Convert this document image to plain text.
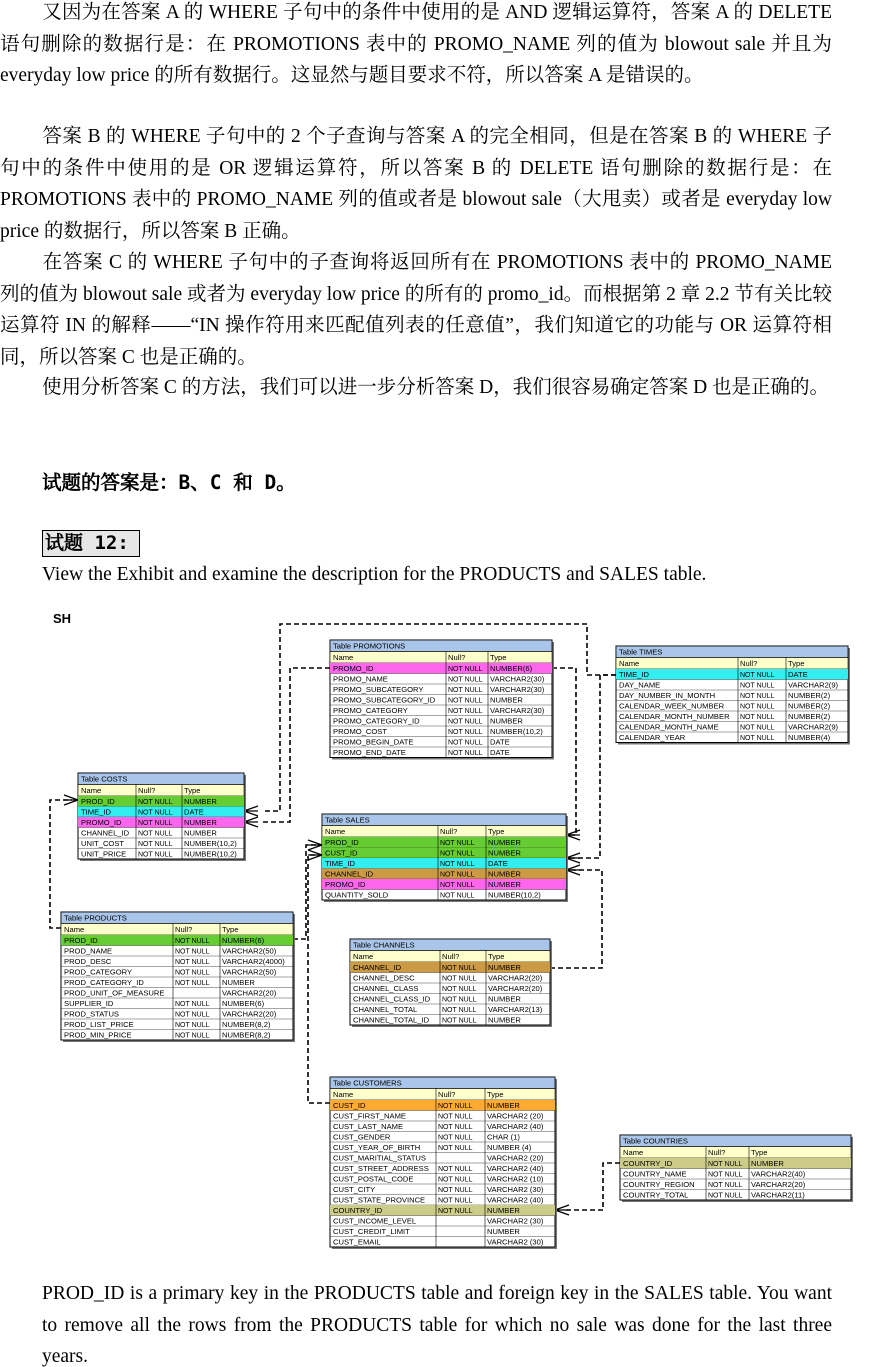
又因为在答案 A 的 WHERE 子句中的条件中使用的是 AND 逻辑运算符，答案 A 的 DELETE 语句删除的数据行是：在 PROMOTIONS 表中的 PROMO_NAME 列的值为 blowout sale 并且为 everyday low price 的所有数据行。这显然与题目要求不符，所以答案 A 是错误的。
答案 B 的 WHERE 子句中的 2 个子查询与答案 A 的完全相同，但是在答案 B 的 WHERE 子句中的条件中使用的是 OR 逻辑运算符，所以答案 B 的 DELETE 语句删除的数据行是：在 PROMOTIONS 表中的 PROMO_NAME 列的值或者是 blowout sale（大甩卖）或者是 everyday low price 的数据行，所以答案 B 正确。
在答案 C 的 WHERE 子句中的子查询将返回所有在 PROMOTIONS 表中的 PROMO_NAME 列的值为 blowout sale 或者为 everyday low price 的所有的 promo_id。而根据第 2 章 2.2 节有关比较运算符 IN 的解释——“IN 操作符用来匹配值列表的任意值”，我们知道它的功能与 OR 运算符相同，所以答案 C 也是正确的。
使用分析答案 C 的方法，我们可以进一步分析答案 D，我们很容易确定答案 D 也是正确的。
试题的答案是：B、C 和 D。
试题 12:
View the Exhibit and examine the description for the PRODUCTS and SALES table.
SH
Table PROMOTIONS
Name	Null?	Type
PROMO_ID	NOT NULL NUMBER(6)
PROMO_NAME	NOT NULL VARCHAR2(30)
PROMO_SUBCATEGORY	NOT NULL VARCHAR2(30)
PROMO_SUBCATEGORY_ID NOT NULL NUMBER
PROMO_CATEGORY	NOT NULL VARCHAR2(30)
PROMO_CATEGORY_ID	NOT NULL NUMBER
PROMO_COST	NOT NULL NUMBER(10,2)
PROMO_BEGIN_DATE	NOT NULL DATE
PROMO_END_DATE	NOT NULL DATE
Table TIMES
Name	Null?	Type
TIME_ID	NOT NULL DATE
DAY_NAME	NOT NULL VARCHAR2(9)
DAY_NUMBER_IN_MONTH	NOT NULL NUMBER(2)
CALENDAR_WEEK_NUMBER NOT NULL NUMBER(2)
CALENDAR_MONTH_NUMBER NOT NULL NUMBER(2)
CALENDAR_MONTH_NAME	NOT NULL VARCHAR2(9)
CALENDAR_YEAR	NOT NULL NUMBER(4)
Table COSTS
Name	Null?	Type
PROD_ID	NOT NULL NUMBER
TIME_ID	NOT NULL DATE
PROMO_ID NOT NULL NUMBER
CHANNEL_ID NOT NULL NUMBER
UNIT_COST NOT NULL NUMBER(10,2)
UNIT_PRICE NOT NULL NUMBER(10,2)
Table SALES
Name	Null?	Type
PROD_ID	NOT NULL NUMBER
CUST_ID	NOT NULL NUMBER
TIME_ID	NOT NULL DATE
CHANNEL_ID	NOT NULL NUMBER
PROMO_ID	NOT NULL NUMBER
QUANTITY_SOLD	NOT NULL NUMBER(10,2)
Table PRODUCTS
Name	Null?	Type
PROD_ID	NOT NULL NUMBER(6)
PROD_NAME	NOT NULL VARCHAR2(50)
PROD_DESC	NOT NULL VARCHAR2(4000)
PROD_CATEGORY	NOT NULL VARCHAR2(50)
PROD_CATEGORY_ID	NOT NULL NUMBER
PROD_UNIT_OF_MEASURE	VARCHAR2(20)
SUPPLIER_ID	NOT NULL NUMBER(6)
PROD_STATUS	NOT NULL VARCHAR2(20)
PROD_LIST_PRICE	NOT NULL NUMBER(8,2)
PROD_MIN_PRICE	NOT NULL NUMBER(8,2)
Table CHANNELS
Name	Null?	Type
CHANNEL_ID	NOT NULL NUMBER
CHANNEL_DESC	NOT NULL VARCHAR2(20)
CHANNEL_CLASS	NOT NULL VARCHAR2(20)
CHANNEL_CLASS_ID NOT NULL NUMBER
CHANNEL_TOTAL	NOT NULL VARCHAR2(13)
CHANNEL_TOTAL_ID NOT NULL NUMBER
Table CUSTOMERS
Name	Null?	Type
CUST_ID	NOT NULL NUMBER
CUST_FIRST_NAME	NOT NULL VARCHAR2 (20)
CUST_LAST_NAME	NOT NULL VARCHAR2 (40)
CUST_GENDER	NOT NULL CHAR (1)
CUST_YEAR_OF_BIRTH	NOT NULL NUMBER (4)
CUST_MARITIAL_STATUS	VARCHAR2 (20)
CUST_STREET_ADDRESS NOT NULL VARCHAR2 (40)
CUST_POSTAL_CODE	NOT NULL VARCHAR2 (10)
CUST_CITY	NOT NULL VARCHAR2 (30)
CUST_STATE_PROVINCE NOT NULL VARCHAR2 (40)
COUNTRY_ID	NOT NULL NUMBER
CUST_INCOME_LEVEL	VARCHAR2 (30)
CUST_CREDIT_LIMIT	NUMBER
CUST_EMAIL	VARCHAR2 (30)
Table COUNTRIES
Name	Null?	Type
COUNTRY_ID	NOT NULL NUMBER
COUNTRY_NAME	NOT NULL VARCHAR2(40)
COUNTRY_REGION NOT NULL VARCHAR2(20)
COUNTRY_TOTAL	NOT NULL VARCHAR2(11)
PROD_ID is a primary key in the PRODUCTS table and foreign key in the SALES table. You want to remove all the rows from the PRODUCTS table for which no sale was done for the last three years.
